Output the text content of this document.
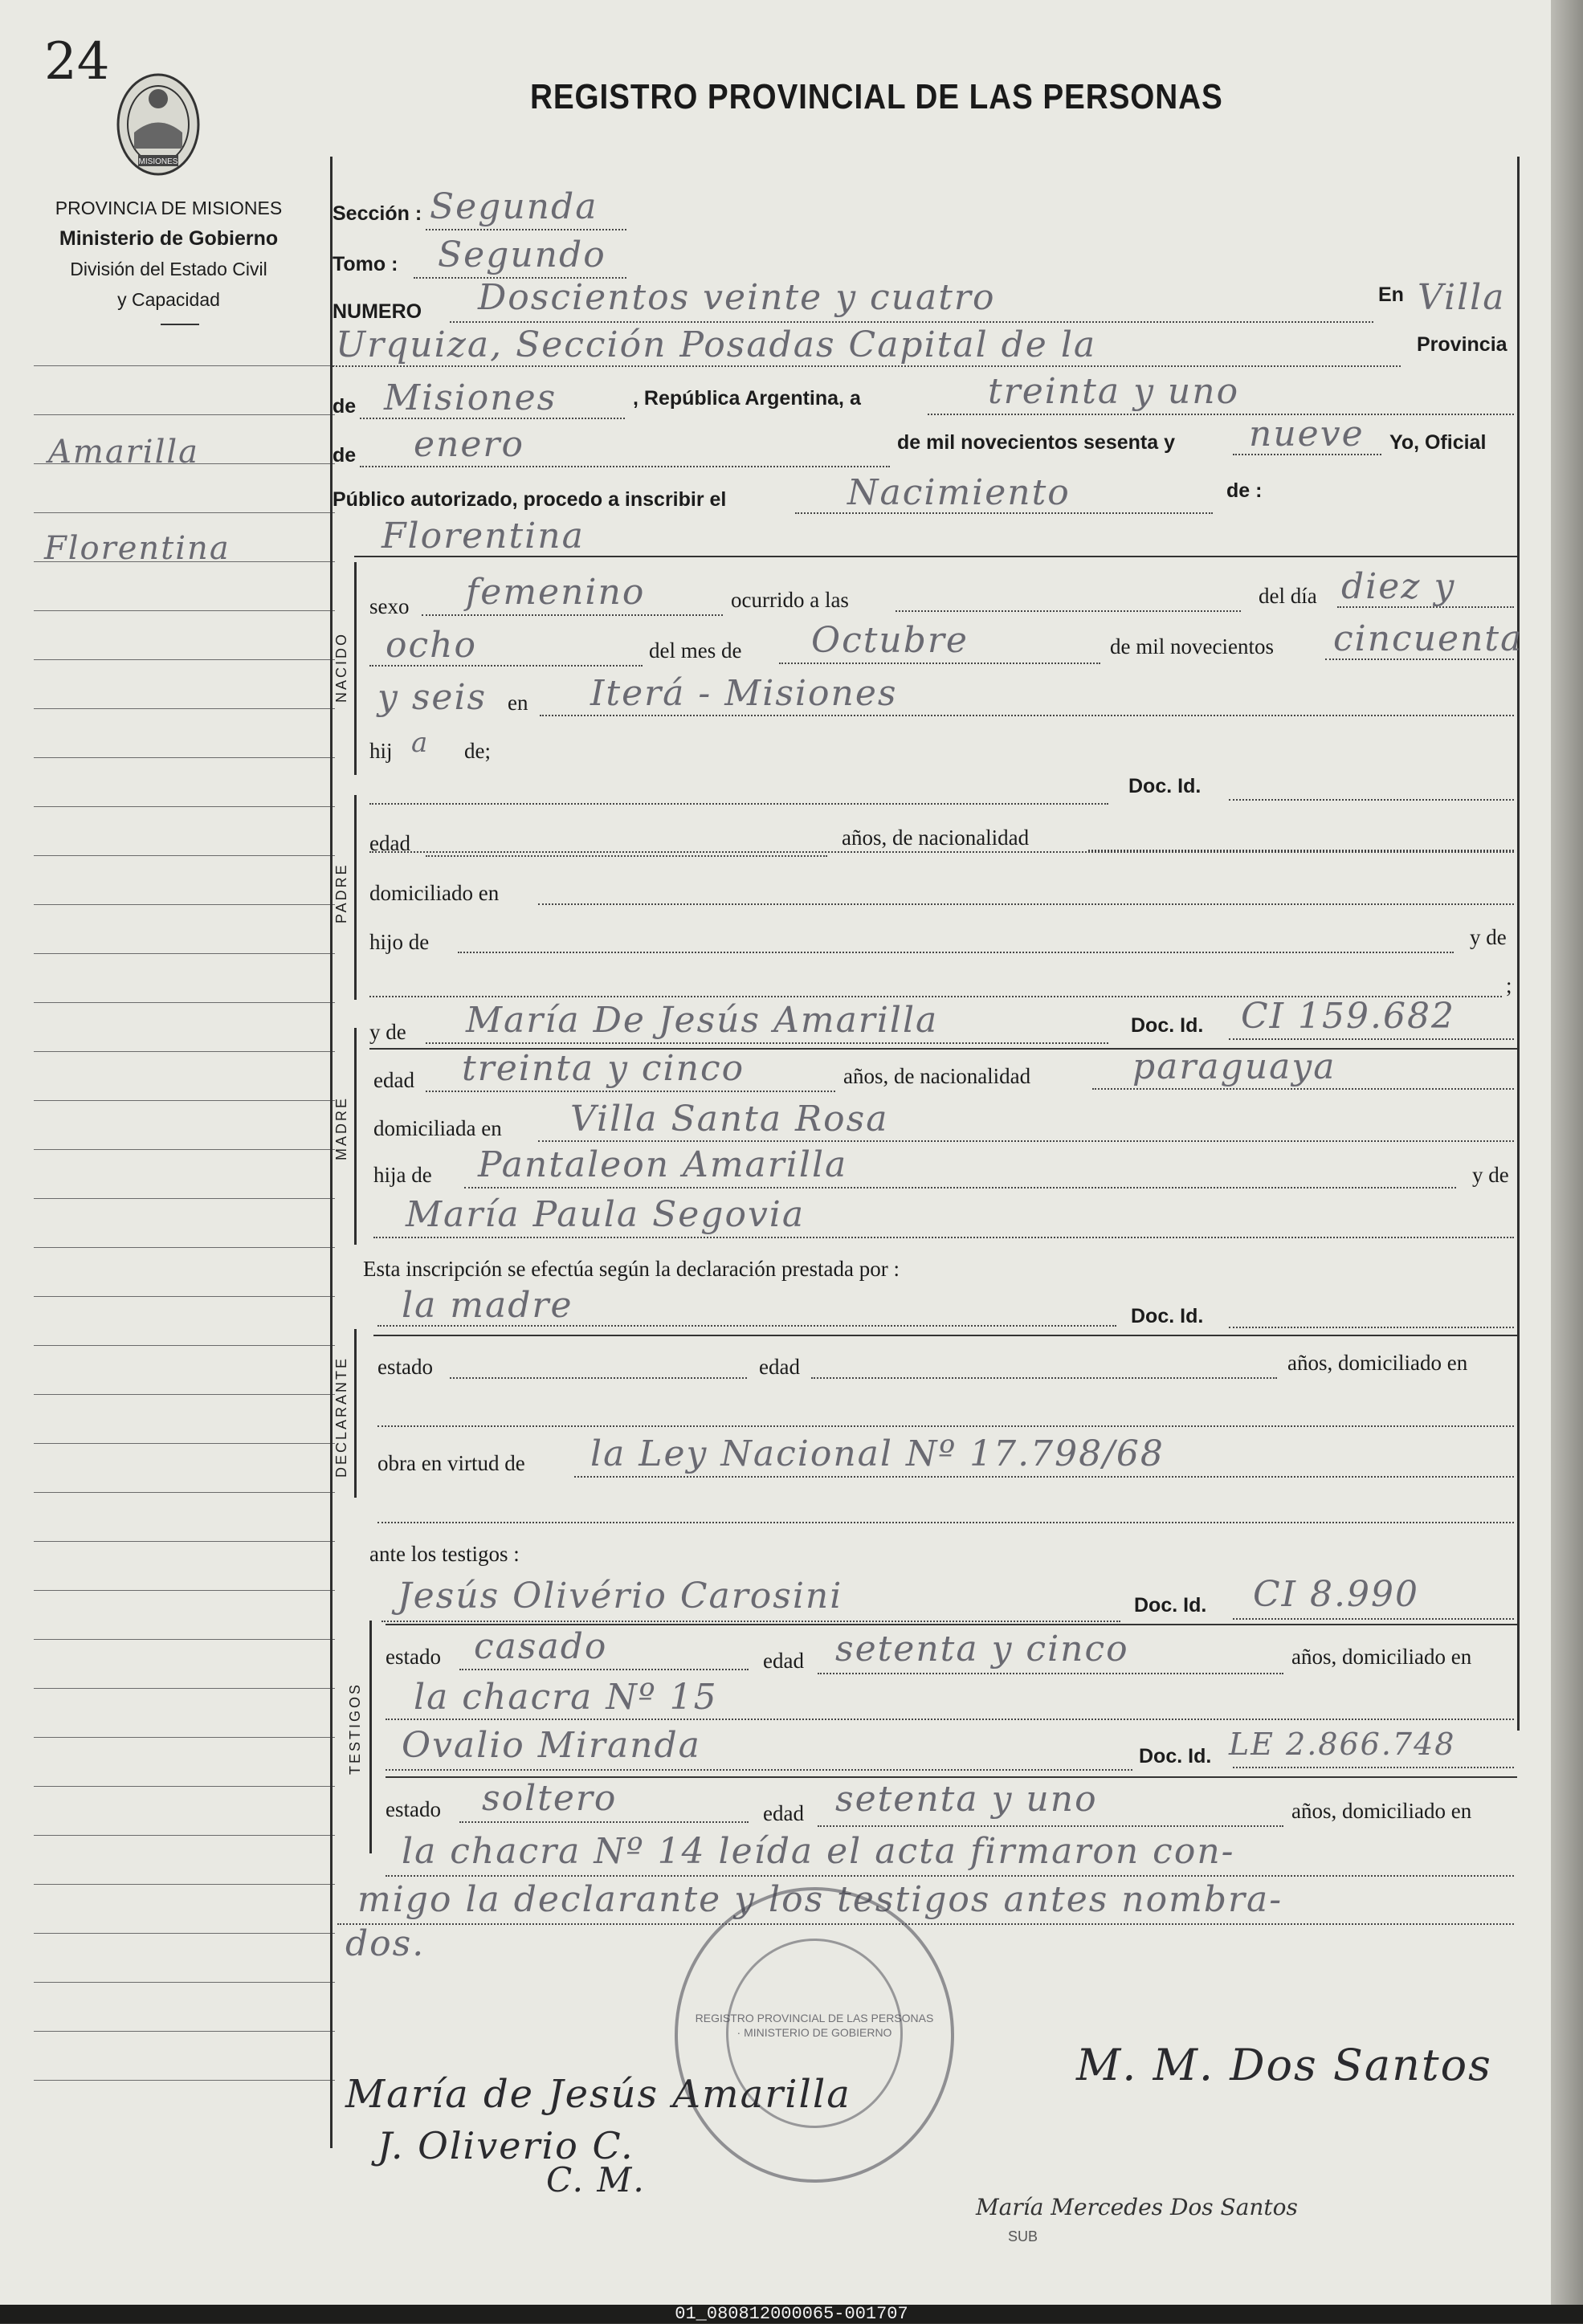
24
MISIONES
REGISTRO PROVINCIAL DE LAS PERSONAS
PROVINCIA DE MISIONES
Ministerio de Gobierno
División del Estado Civil
y Capacidad
Amarilla
Florentina
Sección : Segunda
Tomo : Segundo
NUMERO Doscientos veinte y cuatro	En Villa
Urquiza, Sección Posadas Capital de la	Provincia
de Misiones	, República Argentina, a	treinta y uno
de enero	de mil novecientos sesenta y nueve Yo, Oficial
Público autorizado, procedo a inscribir el	Nacimiento	de :
Florentina
NACIDO
sexo femenino	ocurrido a las	del día diez y
ocho	del mes de Octubre	de mil novecientos cincuenta
y seis en Iterá - Misiones
hij a de;
Doc. Id.
PADRE
edad	años, de nacionalidad
domiciliado en
hijo de	y de
;
y de María De Jesús Amarilla	Doc. Id. CI 159.682
MADRE
edad treinta y cinco	años, de nacionalidad	paraguaya
domiciliada en Villa Santa Rosa
hija de Pantaleon Amarilla	y de
María Paula Segovia
Esta inscripción se efectúa según la declaración prestada por :
la madre	Doc. Id.
DECLARANTE estado	edad	años, domiciliado en
obra en virtud de la Ley Nacional Nº 17.798/68
ante los testigos :
Jesús Olivério Carosini	Doc. Id. CI 8.990
TESTIGOS
estado casado	edad setenta y cinco	años, domiciliado en
la chacra Nº 15
Ovalio Miranda	Doc. Id. LE 2.866.748
estado soltero	edad setenta y uno	años, domiciliado en
la chacra Nº 14 leída el acta firmaron con-
migo la declarante y los testigos antes nombra-
dos.
REGISTRO PROVINCIAL DE LAS PERSONAS · MINISTERIO DE GOBIERNO
María de Jesús Amarilla
J. Oliverio C.
C. M.
M. M. Dos Santos
María Mercedes Dos Santos
SUB
01_080812000065-001707
